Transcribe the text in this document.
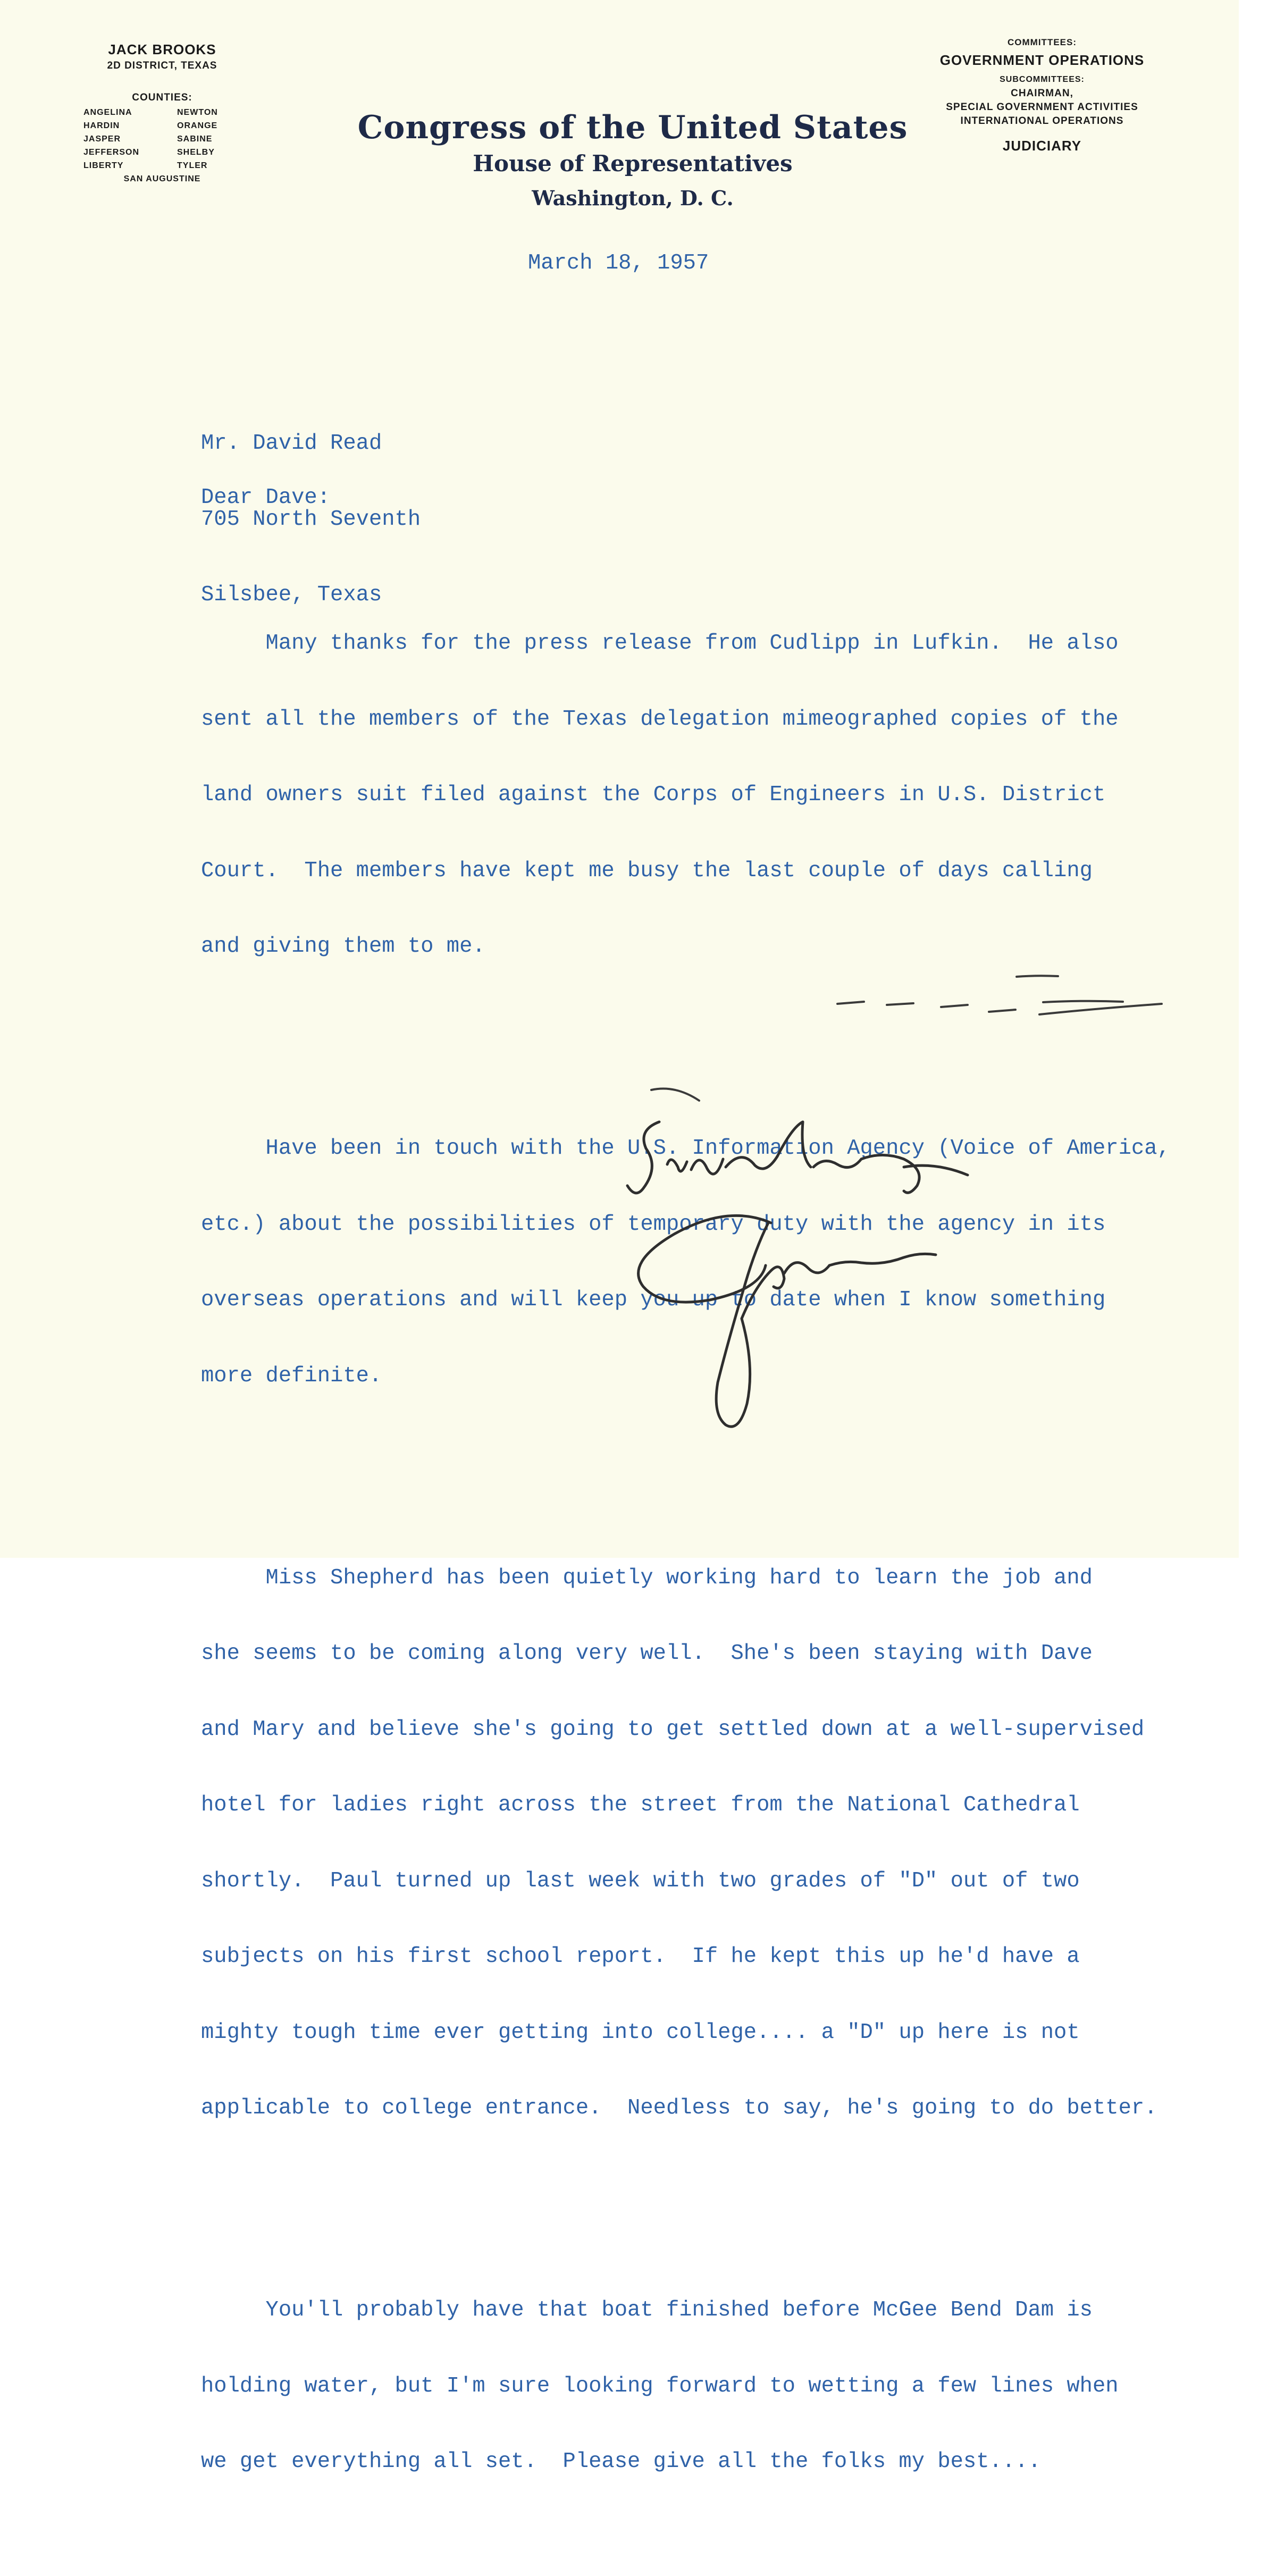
JACK BROOKS
2D DISTRICT, TEXAS
COUNTIES:
ANGELINA	NEWTON
HARDIN	ORANGE
JASPER	SABINE
JEFFERSON	SHELBY
LIBERTY	TYLER
SAN AUGUSTINE
Congress of the United States
House of Representatives
Washington, D. C.
COMMITTEES:
GOVERNMENT OPERATIONS
SUBCOMMITTEES:
CHAIRMAN,
SPECIAL GOVERNMENT ACTIVITIES
INTERNATIONAL OPERATIONS
JUDICIARY
March 18, 1957

Mr. David Read

705 North Seventh

Silsbee, Texas

Dear Dave:

Many thanks for the press release from Cudlipp in Lufkin.  He also

sent all the members of the Texas delegation mimeographed copies of the

land owners suit filed against the Corps of Engineers in U.S. District

Court.  The members have kept me busy the last couple of days calling

and giving them to me.

Have been in touch with the U.S. Information Agency (Voice of America,

etc.) about the possibilities of temporary duty with the agency in its

overseas operations and will keep you up to date when I know something

more definite.

Miss Shepherd has been quietly working hard to learn the job and

she seems to be coming along very well.  She's been staying with Dave

and Mary and believe she's going to get settled down at a well-supervised

hotel for ladies right across the street from the National Cathedral

shortly.  Paul turned up last week with two grades of "D" out of two

subjects on his first school report.  If he kept this up he'd have a

mighty tough time ever getting into college.... a "D" up here is not

applicable to college entrance.  Needless to say, he's going to do better.

You'll probably have that boat finished before McGee Bend Dam is

holding water, but I'm sure looking forward to wetting a few lines when

we get everything all set.  Please give all the folks my best....
